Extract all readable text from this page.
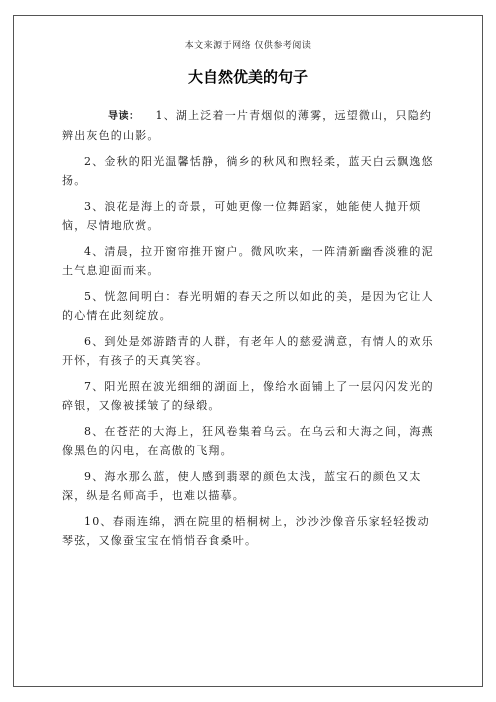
本文来源于网络 仅供参考阅读
大自然优美的句子

导读： 1、湖上泛着一片青烟似的薄雾，远望微山，只隐约辨出灰色的山影。

2、金秋的阳光温馨恬静，徜乡的秋风和煦轻柔，蓝天白云飘逸悠扬。

3、浪花是海上的奇景，可她更像一位舞蹈家，她能使人抛开烦恼，尽情地欣赏。

4、清晨，拉开窗帘推开窗户。微风吹来，一阵清新幽香淡雅的泥土气息迎面而来。

5、恍忽间明白：春光明媚的春天之所以如此的美，是因为它让人的心情在此刻绽放。

6、到处是郊游踏青的人群，有老年人的慈爱满意，有情人的欢乐开怀，有孩子的天真笑容。

7、阳光照在波光细细的湖面上，像给水面铺上了一层闪闪发光的碎银，又像被揉皱了的绿缎。

8、在苍茫的大海上，狂风卷集着乌云。在乌云和大海之间，海燕像黑色的闪电，在高傲的飞翔。

9、海水那么蓝，使人感到翡翠的颜色太浅，蓝宝石的颜色又太深，纵是名师高手，也难以描摹。

10、春雨连绵，洒在院里的梧桐树上，沙沙沙像音乐家轻轻拨动琴弦，又像蚕宝宝在悄悄吞食桑叶。
